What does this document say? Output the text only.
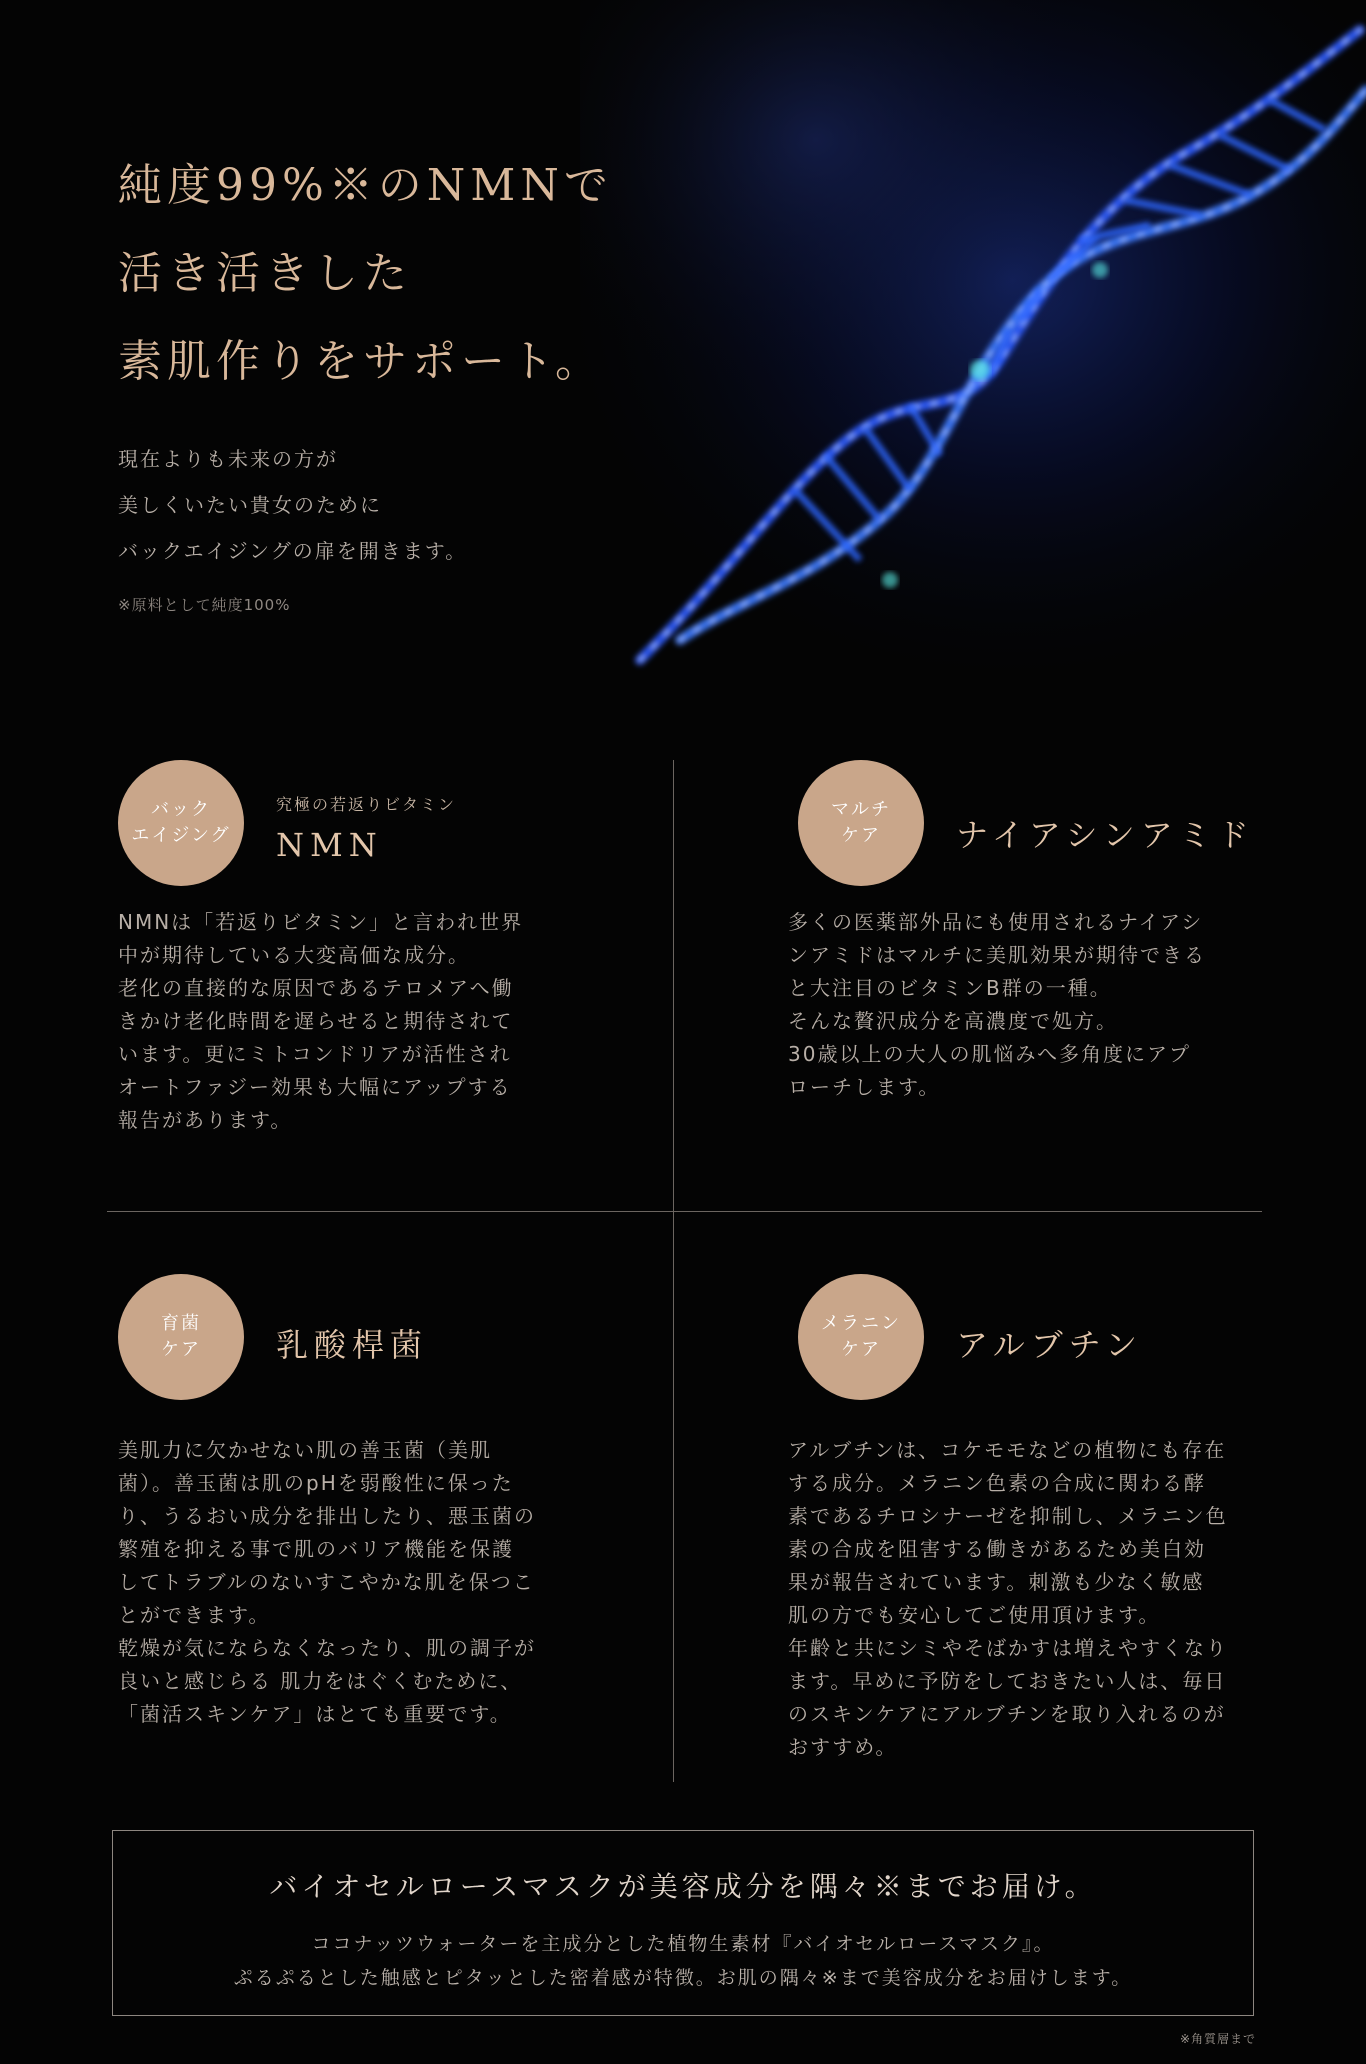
純度99%※のNMNで
活き活きした
素肌作りをサポート。
現在よりも未来の方が
美しくいたい貴女のために
バックエイジングの扉を開きます。
※原料として純度100%
バック
エイジング
究極の若返りビタミン
NMN
NMNは「若返りビタミン」と言われ世界
中が期待している大変高価な成分。
老化の直接的な原因であるテロメアへ働
きかけ老化時間を遅らせると期待されて
います。更にミトコンドリアが活性され
オートファジー効果も大幅にアップする
報告があります。
マルチ
ケア	ナイアシンアミド
多くの医薬部外品にも使用されるナイアシ
ンアミドはマルチに美肌効果が期待できる
と大注目のビタミンB群の一種。
そんな贅沢成分を高濃度で処方。
30歳以上の大人の肌悩みへ多角度にアプ
ローチします。
育菌
ケア 乳酸桿菌
美肌力に欠かせない肌の善玉菌（美肌
菌）。善玉菌は肌のpHを弱酸性に保った
り、うるおい成分を排出したり、悪玉菌の
繁殖を抑える事で肌のバリア機能を保護
してトラブルのないすこやかな肌を保つこ
とができます。
乾燥が気にならなくなったり、肌の調子が
良いと感じらる 肌力をはぐくむために、
「菌活スキンケア」はとても重要です。
メラニン
ケア	アルブチン
アルブチンは、コケモモなどの植物にも存在
する成分。メラニン色素の合成に関わる酵
素であるチロシナーゼを抑制し、メラニン色
素の合成を阻害する働きがあるため美白効
果が報告されています。刺激も少なく敏感
肌の方でも安心してご使用頂けます。
年齢と共にシミやそばかすは増えやすくなり
ます。早めに予防をしておきたい人は、毎日
のスキンケアにアルブチンを取り入れるのが
おすすめ。
バイオセルロースマスクが美容成分を隅々※までお届け。
ココナッツウォーターを主成分とした植物生素材『バイオセルロースマスク』。
ぷるぷるとした触感とピタッとした密着感が特徴。お肌の隅々※まで美容成分をお届けします。
※角質層まで
